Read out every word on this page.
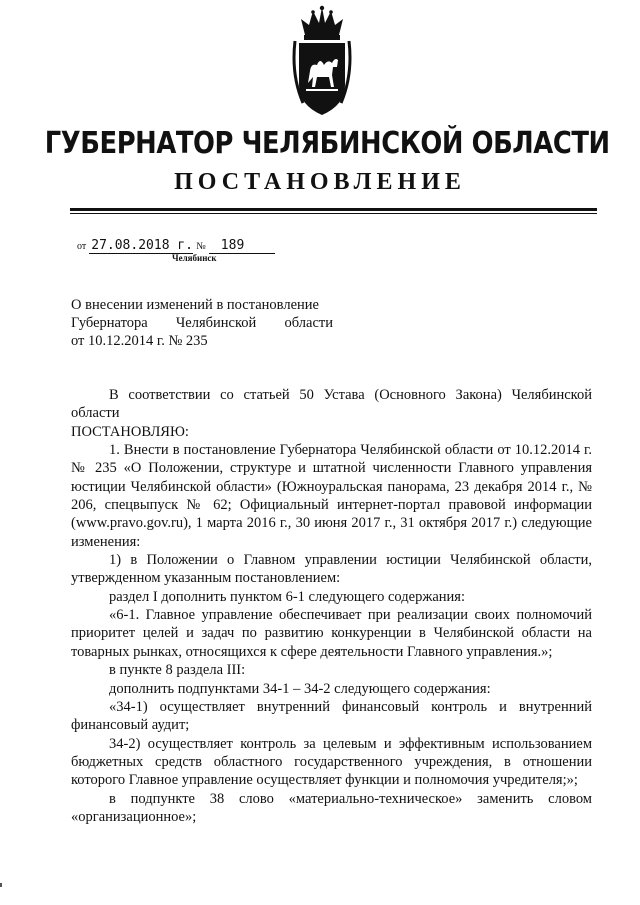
ГУБЕРНАТОР ЧЕЛЯБИНСКОЙ ОБЛАСТИ
ПОСТАНОВЛЕНИЕ
от 27.08.2018 г. № 189
Челябинск
О внесении изменений в постановление
Губернатора Челябинской области
от 10.12.2014 г. № 235

В соответствии со статьей 50 Устава (Основного Закона) Челябинской области

ПОСТАНОВЛЯЮ:

1. Внести в постановление Губернатора Челябинской области от 10.12.2014 г. № 235 «О Положении, структуре и штатной численности Главного управления юстиции Челябинской области» (Южноуральская панорама, 23 декабря 2014 г., № 206, спецвыпуск № 62; Официальный интернет-портал правовой информации (www.pravo.gov.ru), 1 марта 2016 г., 30 июня 2017 г., 31 октября 2017 г.) следующие изменения:

1) в Положении о Главном управлении юстиции Челябинской области, утвержденном указанным постановлением:

раздел I дополнить пунктом 6-1 следующего содержания:

«6-1. Главное управление обеспечивает при реализации своих полномочий приоритет целей и задач по развитию конкуренции в Челябинской области на товарных рынках, относящихся к сфере деятельности Главного управления.»;

в пункте 8 раздела III:

дополнить подпунктами 34-1 – 34-2 следующего содержания:

«34-1) осуществляет внутренний финансовый контроль и внутренний финансовый аудит;

34-2) осуществляет контроль за целевым и эффективным использованием бюджетных средств областного государственного учреждения, в отношении которого Главное управление осуществляет функции и полномочия учредителя;»;

в подпункте 38 слово «материально-техническое» заменить словом «организационное»;
